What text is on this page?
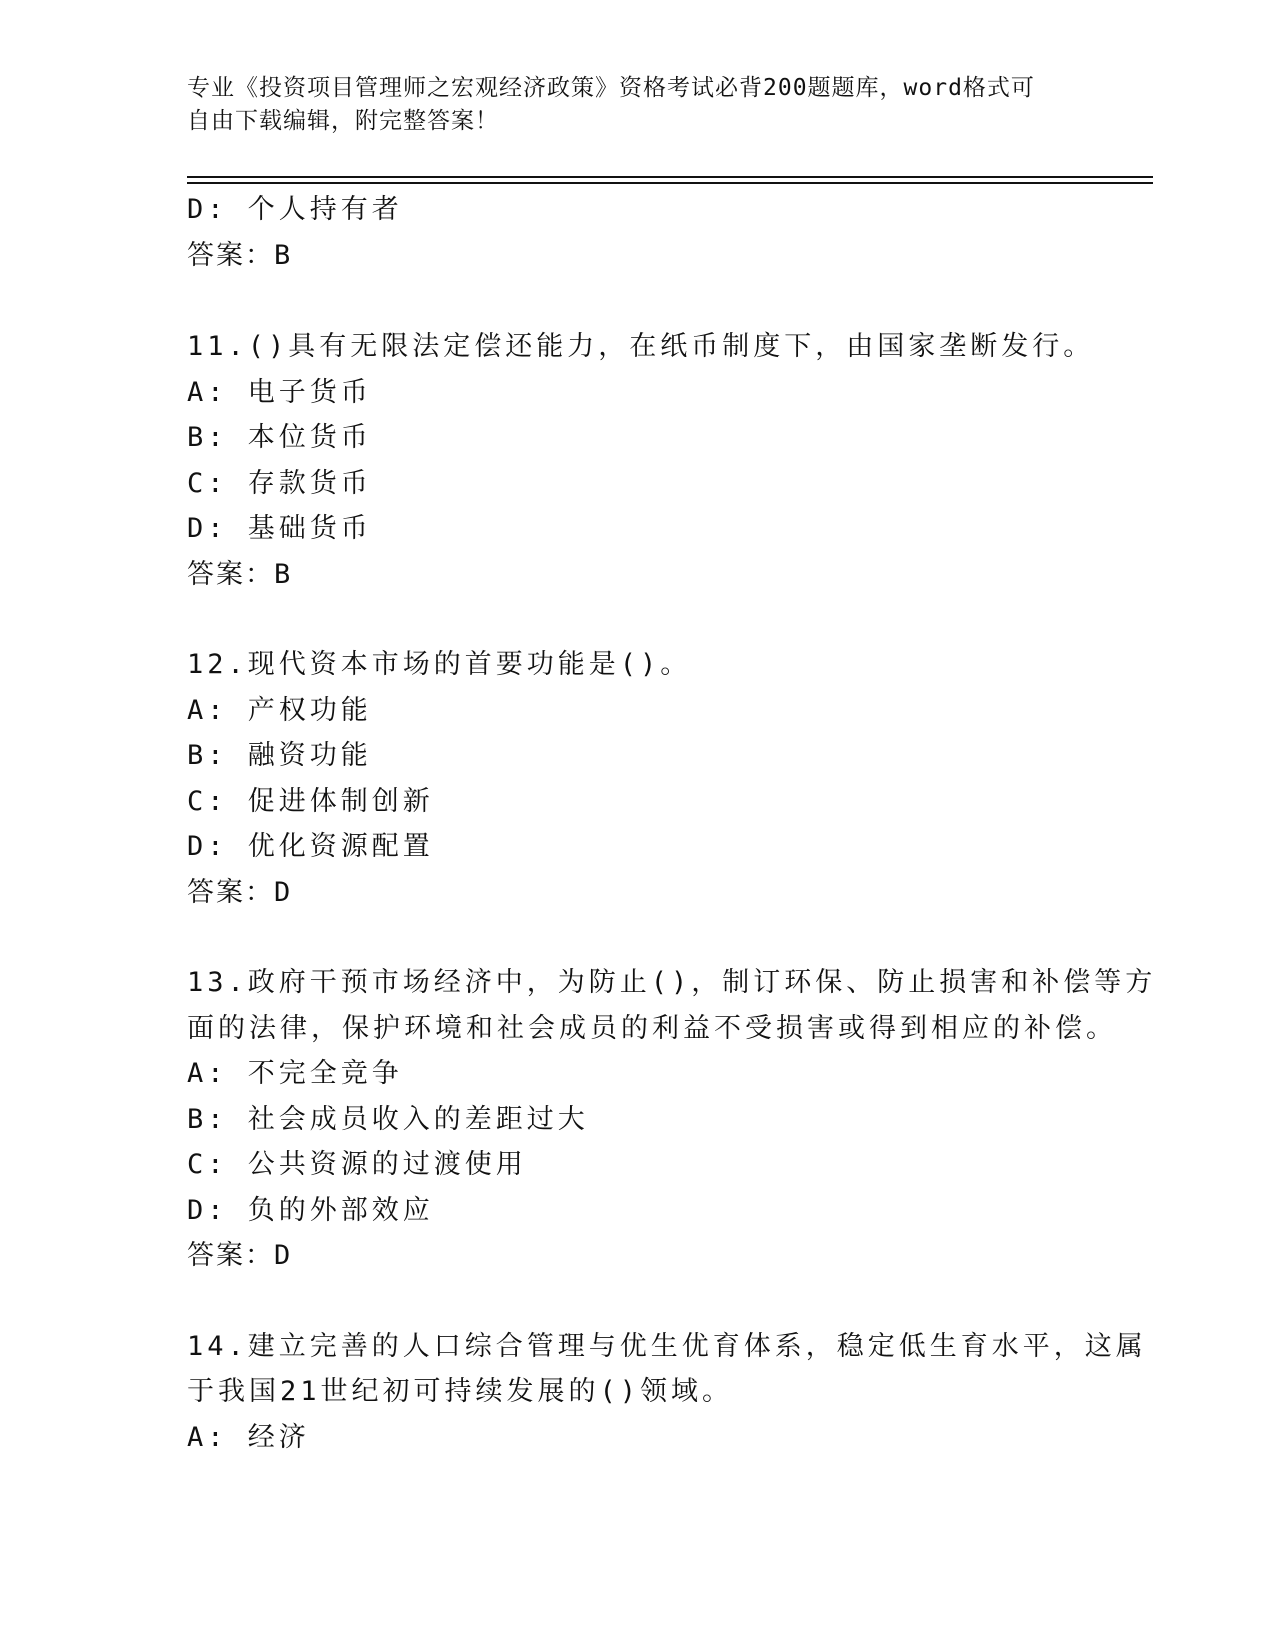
专业《投资项目管理师之宏观经济政策》资格考试必背200题题库，word格式可
自由下载编辑，附完整答案！
D: 个人持有者
答案：B
11.()具有无限法定偿还能力，在纸币制度下，由国家垄断发行。
A: 电子货币
B: 本位货币
C: 存款货币
D: 基础货币
答案：B
12.现代资本市场的首要功能是()。
A: 产权功能
B: 融资功能
C: 促进体制创新
D: 优化资源配置
答案：D
13.政府干预市场经济中，为防止()，制订环保、防止损害和补偿等方
面的法律，保护环境和社会成员的利益不受损害或得到相应的补偿。
A: 不完全竞争
B: 社会成员收入的差距过大
C: 公共资源的过渡使用
D: 负的外部效应
答案：D
14.建立完善的人口综合管理与优生优育体系，稳定低生育水平，这属
于我国21世纪初可持续发展的()领域。
A: 经济
